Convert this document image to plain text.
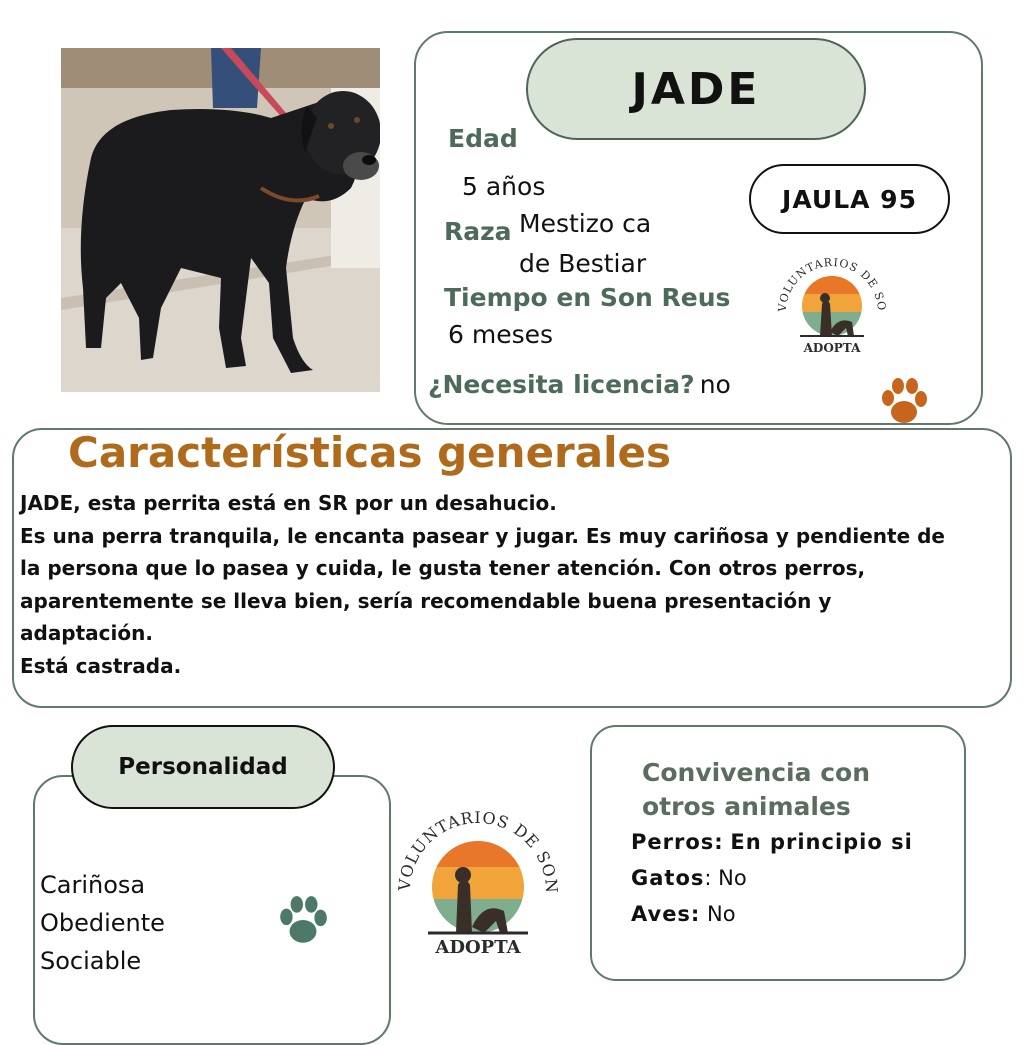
JADE
Edad
5 años
Raza Mestizo ca
de Bestiar
Tiempo en Son Reus
6 meses
¿Necesita licencia? no
JAULA 95
VOLUNTARIOS DE SO
ADOPTA
Características generales
JADE, esta perrita está en SR por un desahucio.
Es una perra tranquila, le encanta pasear y jugar. Es muy cariñosa y pendiente de
la persona que lo pasea y cuida, le gusta tener atención. Con otros perros,
aparentemente se lleva bien, sería recomendable buena presentación y
adaptación.
Está castrada.
Personalidad
Cariñosa
Obediente
Sociable
VOLUNTARIOS DE SON
ADOPTA
Convivencia con
otros animales
Perros: En principio si
Gatos: No
Aves: No
